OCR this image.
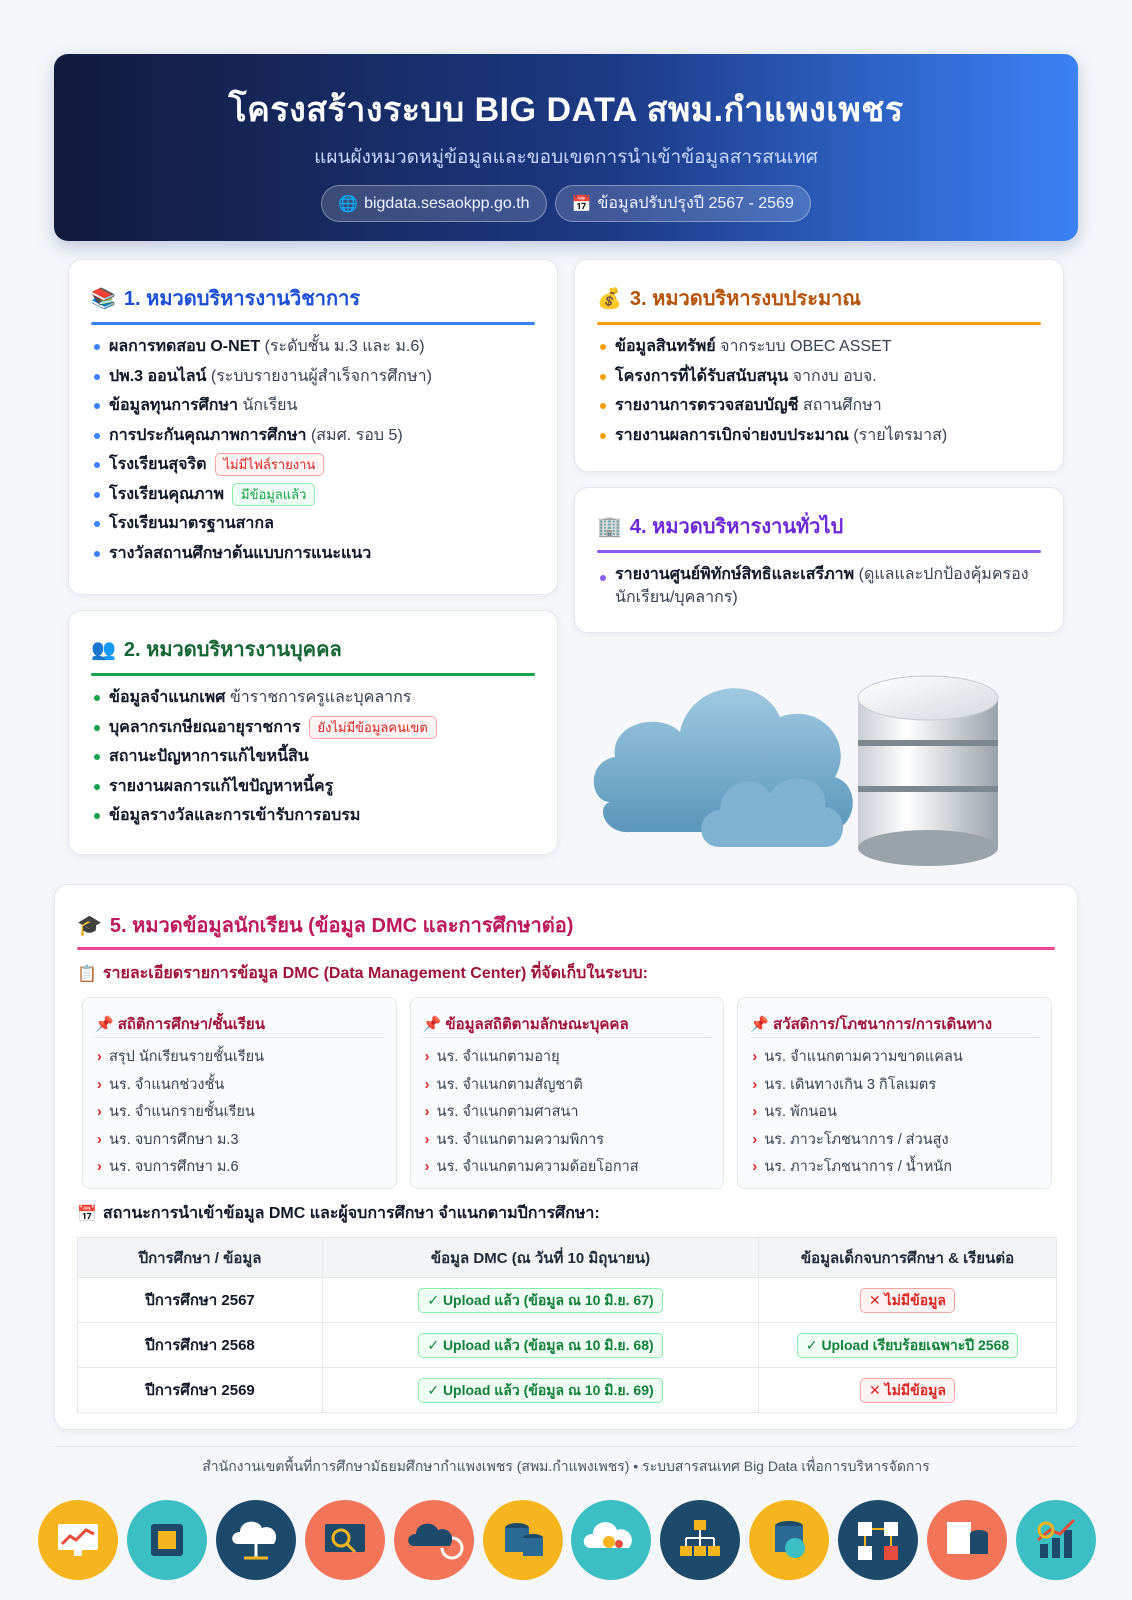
โครงสร้างระบบ BIG DATA สพม.กำแพงเพชร
แผนผังหมวดหมู่ข้อมูลและขอบเขตการนำเข้าข้อมูลสารสนเทศ
🌐 bigdata.sesaokpp.go.th	📅 ข้อมูลปรับปรุงปี 2567 - 2569
📚 1. หมวดบริหารงานวิชาการ
ผลการทดสอบ O-NET (ระดับชั้น ม.3 และ ม.6)
ปพ.3 ออนไลน์ (ระบบรายงานผู้สำเร็จการศึกษา)
ข้อมูลทุนการศึกษา นักเรียน
การประกันคุณภาพการศึกษา (สมศ. รอบ 5)
โรงเรียนสุจริต ไม่มีไฟล์รายงาน
โรงเรียนคุณภาพ มีข้อมูลแล้ว
โรงเรียนมาตรฐานสากล
รางวัลสถานศึกษาต้นแบบการแนะแนว
👥 2. หมวดบริหารงานบุคคล
ข้อมูลจำแนกเพศ ข้าราชการครูและบุคลากร
บุคลากรเกษียณอายุราชการ ยังไม่มีข้อมูลคนเขต
สถานะปัญหาการแก้ไขหนี้สิน
รายงานผลการแก้ไขปัญหาหนี้ครู
ข้อมูลรางวัลและการเข้ารับการอบรม
💰 3. หมวดบริหารงบประมาณ
ข้อมูลสินทรัพย์ จากระบบ OBEC ASSET
โครงการที่ได้รับสนับสนุน จากงบ อบจ.
รายงานการตรวจสอบบัญชี สถานศึกษา
รายงานผลการเบิกจ่ายงบประมาณ (รายไตรมาส)
🏢 4. หมวดบริหารงานทั่วไป
รายงานศูนย์พิทักษ์สิทธิและเสรีภาพ (ดูแลและปกป้องคุ้มครองนักเรียน/บุคลากร)
🎓 5. หมวดข้อมูลนักเรียน (ข้อมูล DMC และการศึกษาต่อ)
📋 รายละเอียดรายการข้อมูล DMC (Data Management Center) ที่จัดเก็บในระบบ:
📌 สถิติการศึกษา/ชั้นเรียน
› สรุป นักเรียนรายชั้นเรียน
› นร. จำแนกช่วงชั้น
› นร. จำแนกรายชั้นเรียน
› นร. จบการศึกษา ม.3
› นร. จบการศึกษา ม.6
📌 ข้อมูลสถิติตามลักษณะบุคคล
› นร. จำแนกตามอายุ
› นร. จำแนกตามสัญชาติ
› นร. จำแนกตามศาสนา
› นร. จำแนกตามความพิการ
› นร. จำแนกตามความด้อยโอกาส
📌 สวัสดิการ/โภชนาการ/การเดินทาง
› นร. จำแนกตามความขาดแคลน
› นร. เดินทางเกิน 3 กิโลเมตร
› นร. พักนอน
› นร. ภาวะโภชนาการ / ส่วนสูง
› นร. ภาวะโภชนาการ / น้ำหนัก
📅 สถานะการนำเข้าข้อมูล DMC และผู้จบการศึกษา จำแนกตามปีการศึกษา:
ปีการศึกษา / ข้อมูล	ข้อมูล DMC (ณ วันที่ 10 มิถุนายน)	ข้อมูลเด็กจบการศึกษา & เรียนต่อ
ปีการศึกษา 2567	✓ Upload แล้ว (ข้อมูล ณ 10 มิ.ย. 67)	✕ ไม่มีข้อมูล
ปีการศึกษา 2568	✓ Upload แล้ว (ข้อมูล ณ 10 มิ.ย. 68)	✓ Upload เรียบร้อยเฉพาะปี 2568
ปีการศึกษา 2569	✓ Upload แล้ว (ข้อมูล ณ 10 มิ.ย. 69)	✕ ไม่มีข้อมูล
สำนักงานเขตพื้นที่การศึกษามัธยมศึกษากำแพงเพชร (สพม.กำแพงเพชร) • ระบบสารสนเทศ Big Data เพื่อการบริหารจัดการ
